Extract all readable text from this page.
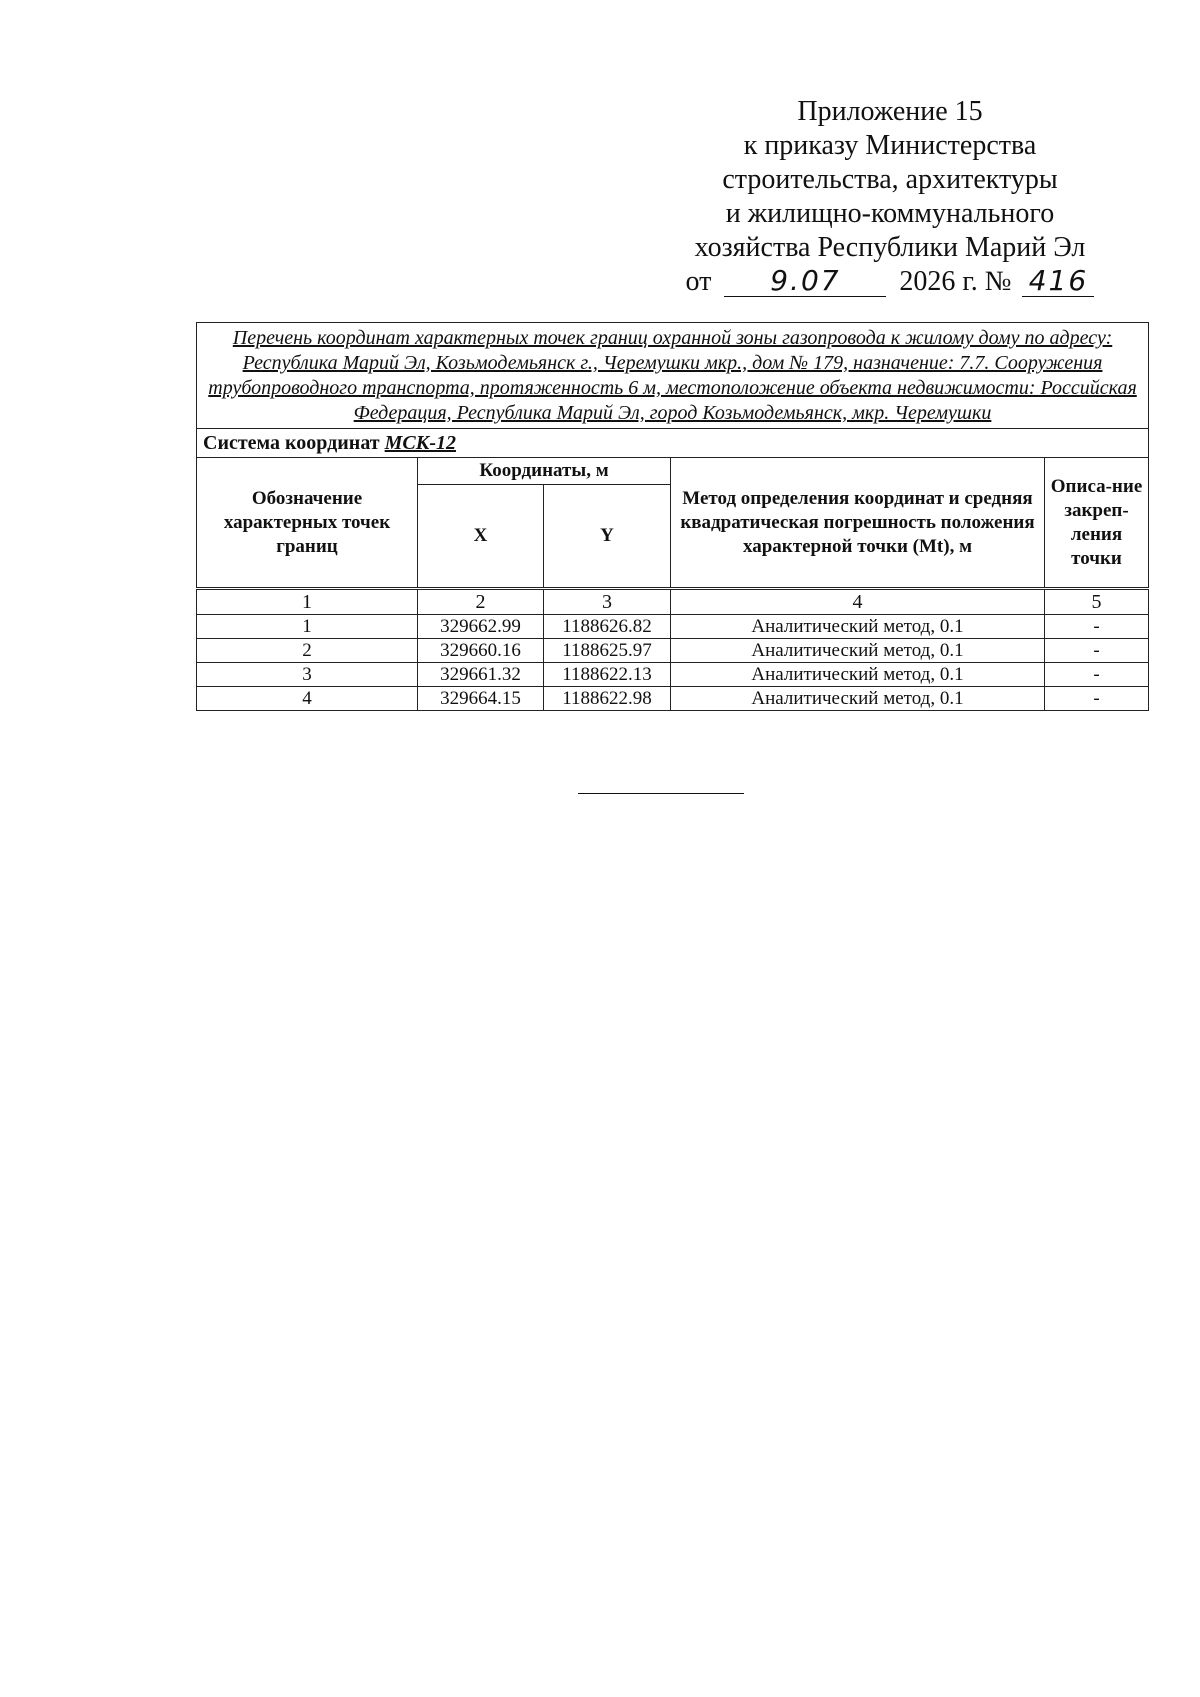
Приложение 15
к приказу Министерства
строительства, архитектуры
и жилищно-коммунального
хозяйства Республики Марий Эл
от 9.07 2026 г. № 416
Перечень координат характерных точек границ охранной зоны газопровода к жилому дому по адресу: Республика Марий Эл, Козьмодемьянск г., Черемушки мкр., дом № 179, назначение: 7.7. Сооружения трубопроводного транспорта, протяженность 6 м, местоположение объекта недвижимости: Российская Федерация, Республика Марий Эл, город Козьмодемьянск, мкр. Черемушки				
Система координат МСК-12				
Обозначение характерных точек границ	Координаты, м		Метод определения координат и средняя квадратическая погрешность положения характерной точки (Mt), м	Описа-ние закреп-ления точки
	X	Y		
1	2	3	4	5
1	329662.99	1188626.82	Аналитический метод, 0.1	-
2	329660.16	1188625.97	Аналитический метод, 0.1	-
3	329661.32	1188622.13	Аналитический метод, 0.1	-
4	329664.15	1188622.98	Аналитический метод, 0.1	-
